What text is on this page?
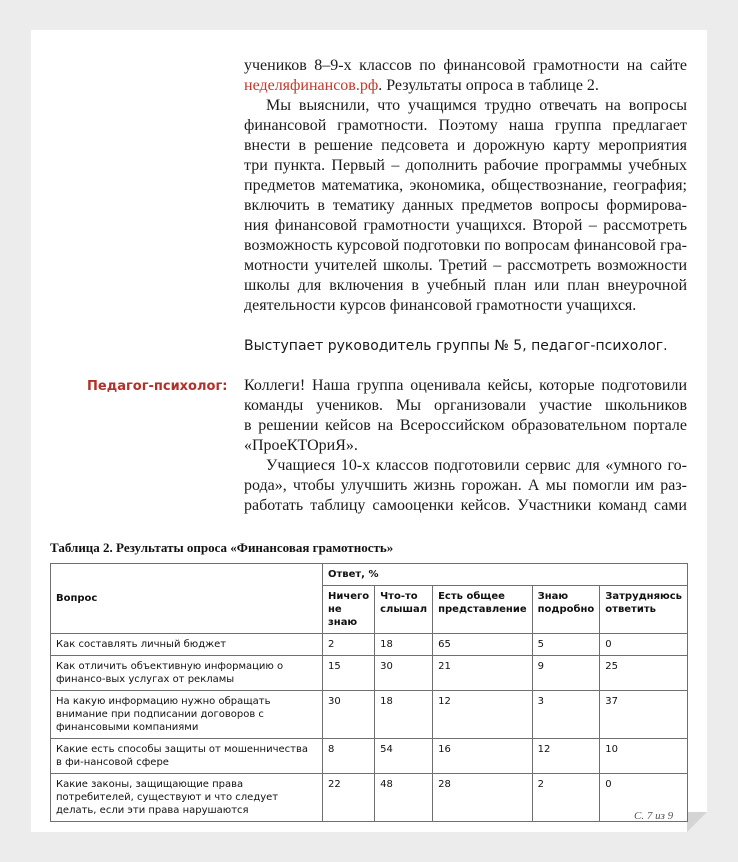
учеников 8–9-х классов по финансовой грамотности на сайте

неделяфинансов.рф. Результаты опроса в таблице 2.

Мы выяснили, что учащимся трудно отвечать на вопросы

финансовой грамотности. Поэтому наша группа предлагает

внести в решение педсовета и дорожную карту мероприятия

три пункта. Первый – дополнить рабочие программы учебных

предметов математика, экономика, обществознание, география;

включить в тематику данных предметов вопросы формирова-

ния финансовой грамотности учащихся. Второй – рассмотреть

возможность курсовой подготовки по вопросам финансовой гра-

мотности учителей школы. Третий – рассмотреть возможности

школы для включения в учебный план или план внеурочной

деятельности курсов финансовой грамотности учащихся.

Выступает руководитель группы № 5, педагог-психолог.
Педагог-психолог: Коллеги! Наша группа оценивала кейсы, которые подготовили

команды учеников. Мы организовали участие школьников

в решении кейсов на Всероссийском образовательном портале

«ПроеКТОриЯ».

Учащиеся 10-х классов подготовили сервис для «умного го-

рода», чтобы улучшить жизнь горожан. А мы помогли им раз-

работать таблицу самооценки кейсов. Участники команд сами

Таблица 2. Результаты опроса «Финансовая грамотность»
Вопрос	Ответ, %				
	Ничего не знаю	Что-то слышал	Есть общее представление	Знаю подробно	Затрудняюсь ответить
Как составлять личный бюджет	2	18	65	5	0
Как отличить объективную информацию о финансо-вых услугах от рекламы	15	30	21	9	25
На какую информацию нужно обращать внимание при подписании договоров с финансовыми компаниями	30	18	12	3	37
Какие есть способы защиты от мошенничества в фи-нансовой сфере	8	54	16	12	10
Какие законы, защищающие права потребителей, существуют и что следует делать, если эти права нарушаются	22	48	28	2	0
С. 7 из 9
